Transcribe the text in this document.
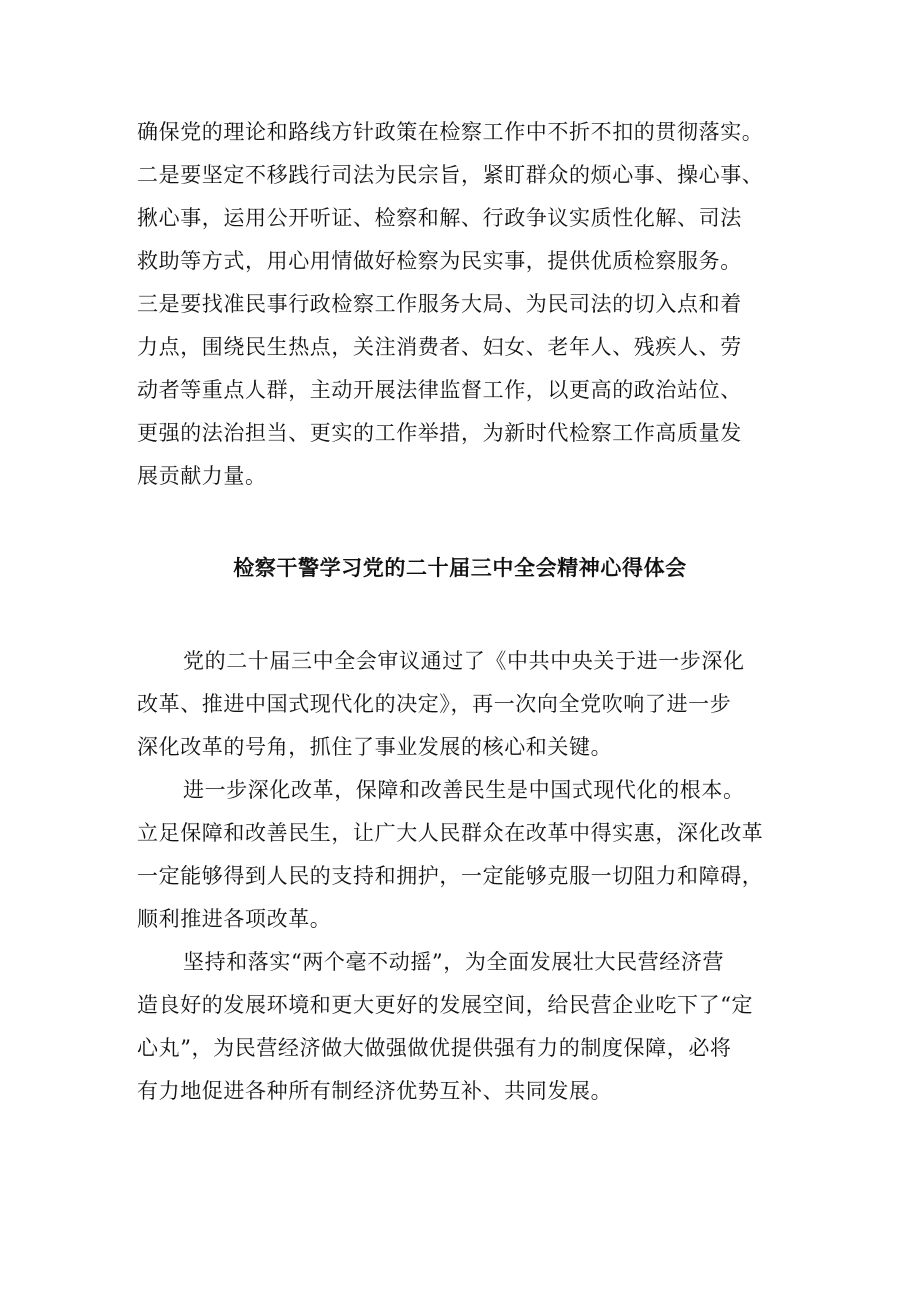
确保党的理论和路线方针政策在检察工作中不折不扣的贯彻落实。
二是要坚定不移践行司法为民宗旨，紧盯群众的烦心事、操心事、
揪心事，运用公开听证、检察和解、行政争议实质性化解、司法
救助等方式，用心用情做好检察为民实事，提供优质检察服务。
三是要找准民事行政检察工作服务大局、为民司法的切入点和着
力点，围绕民生热点，关注消费者、妇女、老年人、残疾人、劳
动者等重点人群，主动开展法律监督工作，以更高的政治站位、
更强的法治担当、更实的工作举措，为新时代检察工作高质量发
展贡献力量。
检察干警学习党的二十届三中全会精神心得体会
党的二十届三中全会审议通过了《中共中央关于进一步深化
改革、推进中国式现代化的决定》，再一次向全党吹响了进一步
深化改革的号角，抓住了事业发展的核心和关键。
进一步深化改革，保障和改善民生是中国式现代化的根本。
立足保障和改善民生，让广大人民群众在改革中得实惠，深化改革
一定能够得到人民的支持和拥护，一定能够克服一切阻力和障碍，
顺利推进各项改革。
坚持和落实“两个毫不动摇”，为全面发展壮大民营经济营
造良好的发展环境和更大更好的发展空间，给民营企业吃下了“定
心丸”，为民营经济做大做强做优提供强有力的制度保障，必将
有力地促进各种所有制经济优势互补、共同发展。
